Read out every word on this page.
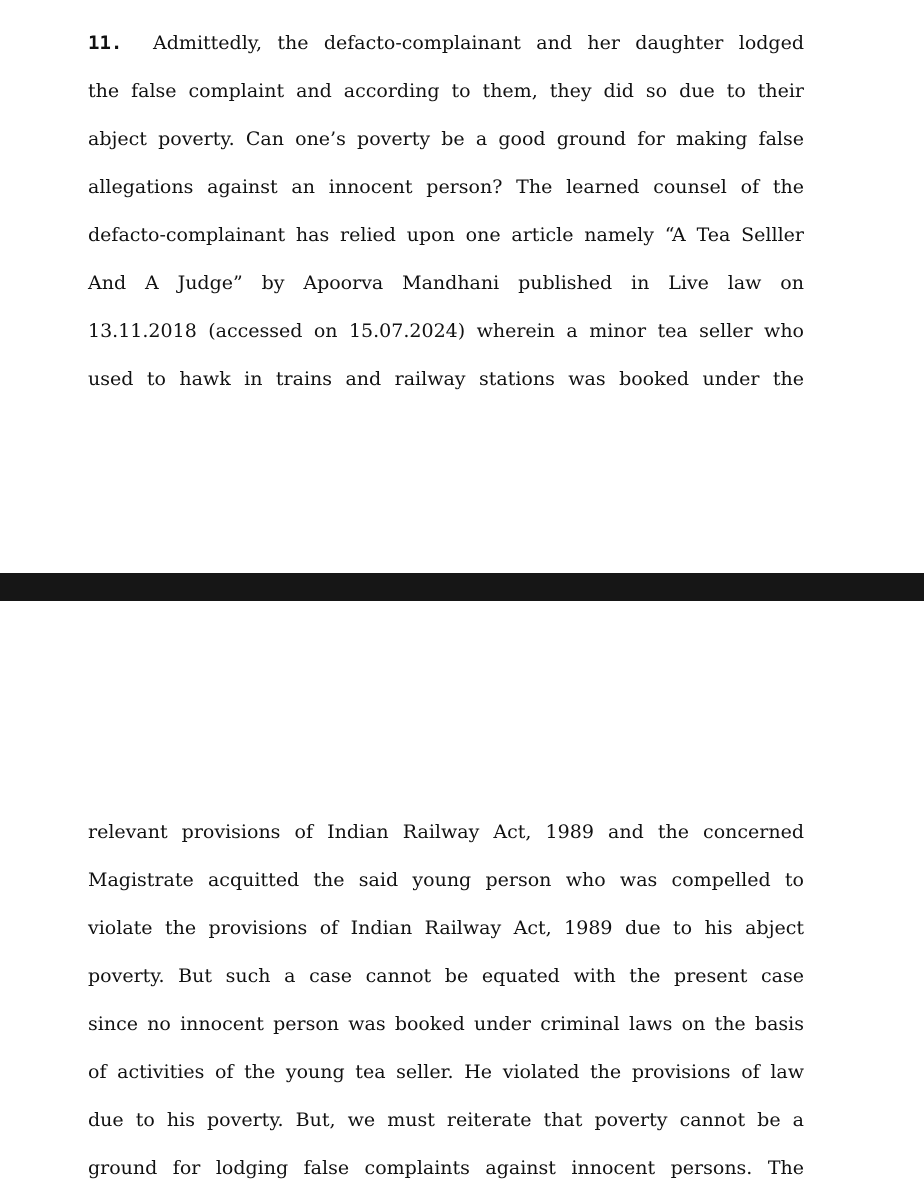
11. Admittedly, the defacto-complainant and her daughter lodged
the false complaint and according to them, they did so due to their
abject poverty. Can one’s poverty be a good ground for making false
allegations against an innocent person? The learned counsel of the
defacto-complainant has relied upon one article namely “A Tea Selller
And A Judge” by Apoorva Mandhani published in Live law on
13.11.2018 (accessed on 15.07.2024) wherein a minor tea seller who
used to hawk in trains and railway stations was booked under the
relevant provisions of Indian Railway Act, 1989 and the concerned
Magistrate acquitted the said young person who was compelled to
violate the provisions of Indian Railway Act, 1989 due to his abject
poverty. But such a case cannot be equated with the present case
since no innocent person was booked under criminal laws on the basis
of activities of the young tea seller. He violated the provisions of law
due to his poverty. But, we must reiterate that poverty cannot be a
ground for lodging false complaints against innocent persons. The
